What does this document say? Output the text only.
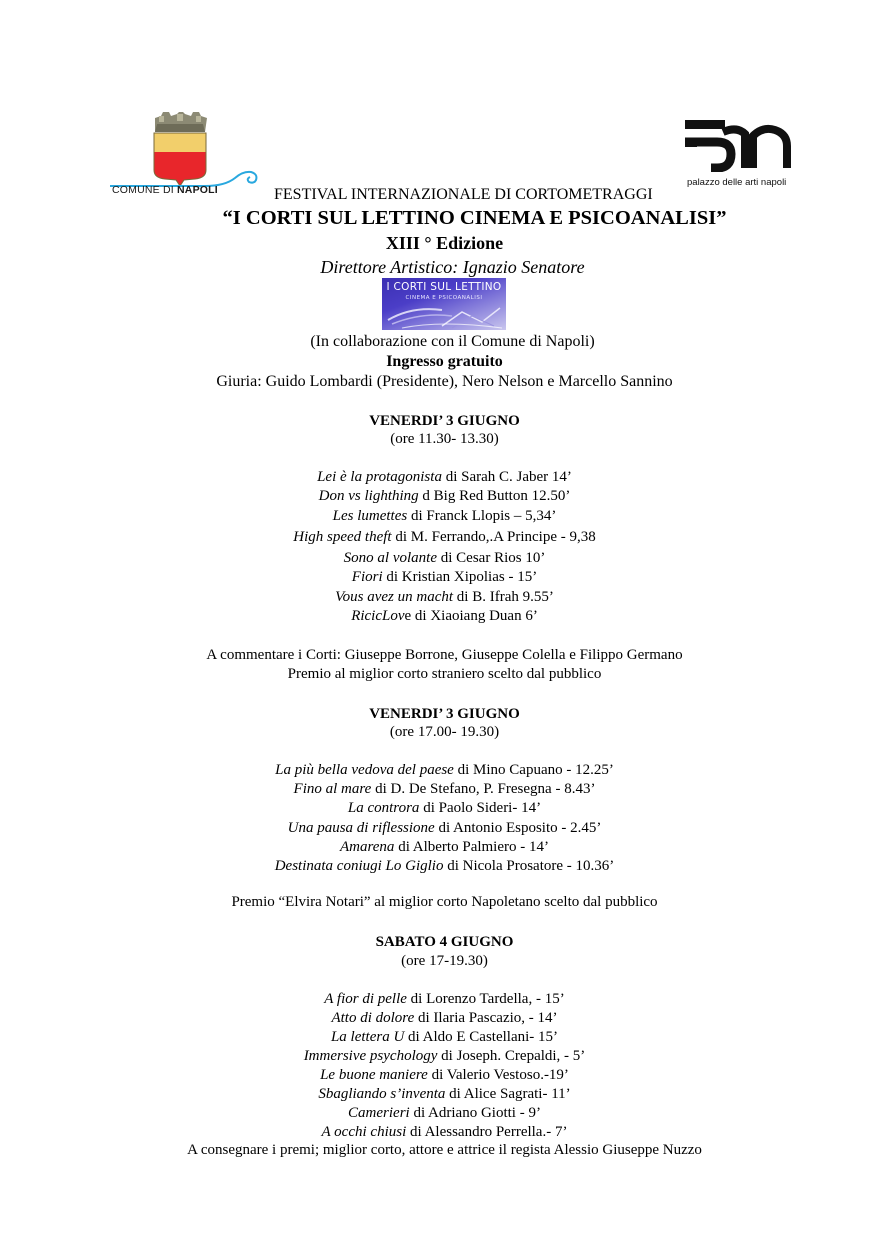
COMUNE DI NAPOLI
palazzo delle arti napoli
FESTIVAL INTERNAZIONALE DI CORTOMETRAGGI
“I CORTI SUL LETTINO CINEMA E PSICOANALISI”
XIII ° Edizione
Direttore Artistico: Ignazio Senatore
I CORTI SUL LETTINO
CINEMA E PSICOANALISI
(In collaborazione con il Comune di Napoli)
Ingresso gratuito
Giuria: Guido Lombardi (Presidente), Nero Nelson e Marcello Sannino
VENERDI’ 3 GIUGNO
(ore 11.30- 13.30)
Lei è la protagonista di Sarah C. Jaber 14’
Don vs lighthing d Big Red Button 12.50’
Les lumettes di Franck Llopis – 5,34’
High speed theft di M. Ferrando,.A Principe - 9,38
Sono al volante di Cesar Rios 10’
Fiori di Kristian Xipolias - 15’
Vous avez un macht di B. Ifrah 9.55’
RicicLove di Xiaoiang Duan 6’
A commentare i Corti: Giuseppe Borrone, Giuseppe Colella e Filippo Germano
Premio al miglior corto straniero scelto dal pubblico
VENERDI’ 3 GIUGNO
(ore 17.00- 19.30)
La più bella vedova del paese di Mino Capuano - 12.25’
Fino al mare di D. De Stefano, P. Fresegna - 8.43’
La controra di Paolo Sideri- 14’
Una pausa di riflessione di Antonio Esposito - 2.45’
Amarena di Alberto Palmiero - 14’
Destinata coniugi Lo Giglio di Nicola Prosatore - 10.36’
Premio “Elvira Notari” al miglior corto Napoletano scelto dal pubblico
SABATO 4 GIUGNO
(ore 17-19.30)
A fior di pelle di Lorenzo Tardella, - 15’
Atto di dolore di Ilaria Pascazio, - 14’
La lettera U di Aldo E Castellani- 15’
Immersive psychology di Joseph. Crepaldi, - 5’
Le buone maniere di Valerio Vestoso.-19’
Sbagliando s’inventa di Alice Sagrati- 11’
Camerieri di Adriano Giotti - 9’
A occhi chiusi di Alessandro Perrella.- 7’
A consegnare i premi; miglior corto, attore e attrice il regista Alessio Giuseppe Nuzzo
